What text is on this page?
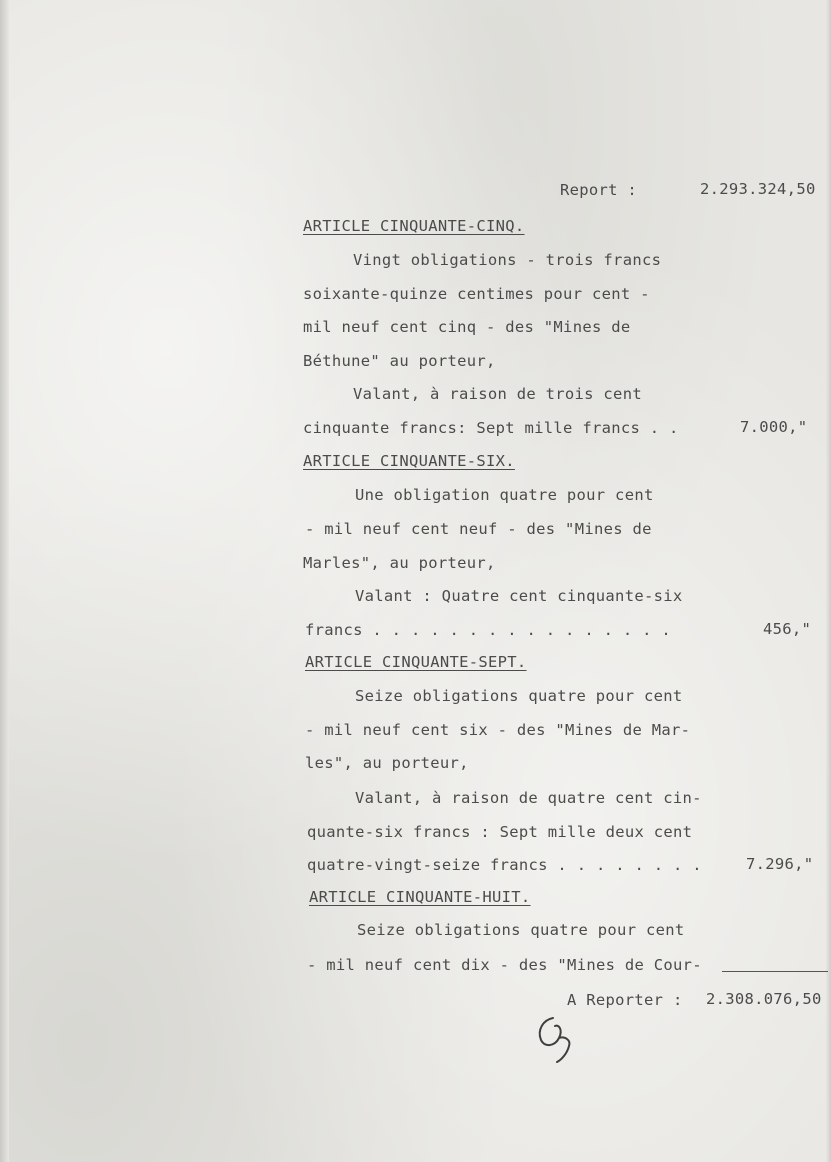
Report :	2.293.324,50
ARTICLE CINQUANTE-CINQ.
Vingt obligations - trois francs
soixante-quinze centimes pour cent -
mil neuf cent cinq - des "Mines de
Béthune" au porteur,
Valant, à raison de trois cent
cinquante francs: Sept mille francs . .	7.000,"
ARTICLE CINQUANTE-SIX.
Une obligation quatre pour cent
- mil neuf cent neuf - des "Mines de
Marles", au porteur,
Valant : Quatre cent cinquante-six
francs . . . . . . . . . . . . . . . .	456,"
ARTICLE CINQUANTE-SEPT.
Seize obligations quatre pour cent
- mil neuf cent six - des "Mines de Mar-
les", au porteur,
Valant, à raison de quatre cent cin-
quante-six francs : Sept mille deux cent
quatre-vingt-seize francs . . . . . . . .	7.296,"
ARTICLE CINQUANTE-HUIT.
Seize obligations quatre pour cent
- mil neuf cent dix - des "Mines de Cour-
A Reporter : 2.308.076,50
